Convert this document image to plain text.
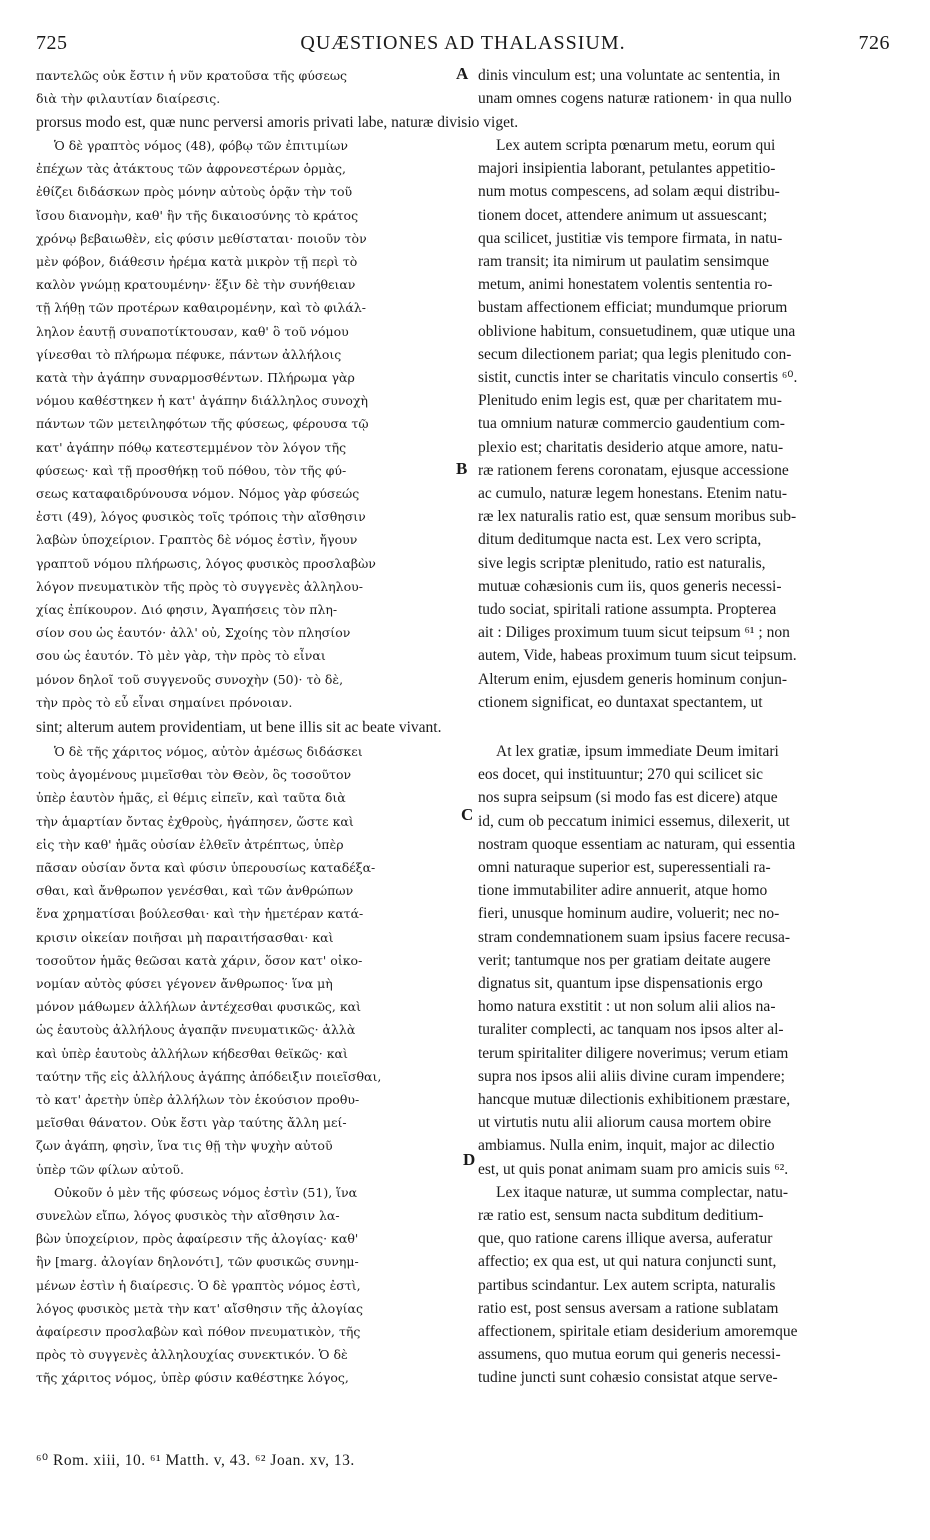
725	QUÆSTIONES AD THALASSIUM.	726
παντελῶς οὐκ ἔστιν ἡ νῦν κρατοῦσα τῆς φύσεως
διὰ τὴν φιλαυτίαν διαίρεσις.
dinis vinculum est; una voluntate ac sententia, in
unam omnes cogens naturæ rationem· in qua nullo
prorsus modo est, quæ nunc perversi amoris privati labe, naturæ divisio viget.
Ὁ δὲ γραπτὸς νόμος (48), φόβῳ τῶν ἐπιτιμίων
ἐπέχων τὰς ἀτάκτους τῶν ἀφρονεστέρων ὁρμὰς,
ἐθίζει διδάσκων πρὸς μόνην αὐτοὺς ὁρᾷν τὴν τοῦ
ἴσου διανομὴν, καθ' ἣν τῆς δικαιοσύνης τὸ κράτος
χρόνῳ βεβαιωθὲν, εἰς φύσιν μεθίσταται· ποιοῦν τὸν
μὲν φόβον, διάθεσιν ἠρέμα κατὰ μικρὸν τῇ περὶ τὸ
καλὸν γνώμῃ κρατουμένην· ἕξιν δὲ τὴν συνήθειαν
τῇ λήθῃ τῶν προτέρων καθαιρομένην, καὶ τὸ φιλάλ-
ληλον ἑαυτῇ συναποτίκτουσαν, καθ' ὃ τοῦ νόμου
γίνεσθαι τὸ πλήρωμα πέφυκε, πάντων ἀλλήλοις
κατὰ τὴν ἀγάπην συναρμοσθέντων. Πλήρωμα γὰρ
νόμου καθέστηκεν ἡ κατ' ἀγάπην διάλληλος συνοχὴ
πάντων τῶν μετειληφότων τῆς φύσεως, φέρουσα τῷ
κατ' ἀγάπην πόθῳ κατεστεμμένον τὸν λόγον τῆς
φύσεως· καὶ τῇ προσθήκῃ τοῦ πόθου, τὸν τῆς φύ-
σεως καταφαιδρύνουσα νόμον. Νόμος γὰρ φύσεώς
ἐστι (49), λόγος φυσικὸς τοῖς τρόποις τὴν αἴσθησιν
λαβὼν ὑποχείριον. Γραπτὸς δὲ νόμος ἐστὶν, ἤγουν
γραπτοῦ νόμου πλήρωσις, λόγος φυσικὸς προσλαβὼν
λόγον πνευματικὸν τῆς πρὸς τὸ συγγενὲς ἀλληλου-
χίας ἐπίκουρον. Διό φησιν, Ἀγαπήσεις τὸν πλη-
σίον σου ὡς ἑαυτόν· ἀλλ' οὐ, Σχοίης τὸν πλησίον
σου ὡς ἑαυτόν. Τὸ μὲν γὰρ, τὴν πρὸς τὸ εἶναι
μόνον δηλοῖ τοῦ συγγενοῦς συνοχὴν (50)· τὸ δὲ,
τὴν πρὸς τὸ εὖ εἶναι σημαίνει πρόνοιαν.
Lex autem scripta pœnarum metu, eorum qui
majori insipientia laborant, petulantes appetitio-
num motus compescens, ad solam æqui distribu-
tionem docet, attendere animum ut assuescant;
qua scilicet, justitiæ vis tempore firmata, in natu-
ram transit; ita nimirum ut paulatim sensimque
metum, animi honestatem volentis sententia ro-
bustam affectionem efficiat; mundumque priorum
oblivione habitum, consuetudinem, quæ utique una
secum dilectionem pariat; qua legis plenitudo con-
sistit, cunctis inter se charitatis vinculo consertis ⁶⁰.
Plenitudo enim legis est, quæ per charitatem mu-
tua omnium naturæ commercio gaudentium com-
plexio est; charitatis desiderio atque amore, natu-
ræ rationem ferens coronatam, ejusque accessione
ac cumulo, naturæ legem honestans. Etenim natu-
ræ lex naturalis ratio est, quæ sensum moribus sub-
ditum deditumque nacta est. Lex vero scripta,
sive legis scriptæ plenitudo, ratio est naturalis,
mutuæ cohæsionis cum iis, quos generis necessi-
tudo sociat, spiritali ratione assumpta. Propterea
ait : Diliges proximum tuum sicut teipsum ⁶¹ ; non
autem, Vide, habeas proximum tuum sicut teipsum.
Alterum enim, ejusdem generis hominum conjun-
ctionem significat, eo duntaxat spectantem, ut
sint; alterum autem providentiam, ut bene illis sit ac beate vivant.
Ὁ δὲ τῆς χάριτος νόμος, αὐτὸν ἀμέσως διδάσκει
τοὺς ἀγομένους μιμεῖσθαι τὸν Θεὸν, ὃς τοσοῦτον
ὑπὲρ ἑαυτὸν ἡμᾶς, εἰ θέμις εἰπεῖν, καὶ ταῦτα διὰ
τὴν ἁμαρτίαν ὄντας ἐχθροὺς, ἠγάπησεν, ὥστε καὶ
εἰς τὴν καθ' ἡμᾶς οὐσίαν ἐλθεῖν ἀτρέπτως, ὑπὲρ
πᾶσαν οὐσίαν ὄντα καὶ φύσιν ὑπερουσίως καταδέξα-
σθαι, καὶ ἄνθρωπον γενέσθαι, καὶ τῶν ἀνθρώπων
ἕνα χρηματίσαι βούλεσθαι· καὶ τὴν ἡμετέραν κατά-
κρισιν οἰκείαν ποιῆσαι μὴ παραιτήσασθαι· καὶ
τοσοῦτον ἡμᾶς θεῶσαι κατὰ χάριν, ὅσον κατ' οἰκο-
νομίαν αὐτὸς φύσει γέγονεν ἄνθρωπος· ἵνα μὴ
μόνον μάθωμεν ἀλλήλων ἀντέχεσθαι φυσικῶς, καὶ
ὡς ἑαυτοὺς ἀλλήλους ἀγαπᾷν πνευματικῶς· ἀλλὰ
καὶ ὑπὲρ ἑαυτοὺς ἀλλήλων κήδεσθαι θεϊκῶς· καὶ
ταύτην τῆς εἰς ἀλλήλους ἀγάπης ἀπόδειξιν ποιεῖσθαι,
τὸ κατ' ἀρετὴν ὑπὲρ ἀλλήλων τὸν ἑκούσιον προθυ-
μεῖσθαι θάνατον. Οὐκ ἔστι γὰρ ταύτης ἄλλη μεί-
ζων ἀγάπη, φησὶν, ἵνα τις θῇ τὴν ψυχὴν αὐτοῦ
ὑπὲρ τῶν φίλων αὐτοῦ.
Οὐκοῦν ὁ μὲν τῆς φύσεως νόμος ἐστὶν (51), ἵνα
συνελὼν εἴπω, λόγος φυσικὸς τὴν αἴσθησιν λα-
βὼν ὑποχείριον, πρὸς ἀφαίρεσιν τῆς ἀλογίας· καθ'
ἣν [marg. ἀλογίαν δηλονότι], τῶν φυσικῶς συνημ-
μένων ἐστὶν ἡ διαίρεσις. Ὁ δὲ γραπτὸς νόμος ἐστὶ,
λόγος φυσικὸς μετὰ τὴν κατ' αἴσθησιν τῆς ἀλογίας
ἀφαίρεσιν προσλαβὼν καὶ πόθον πνευματικὸν, τῆς
πρὸς τὸ συγγενὲς ἀλληλουχίας συνεκτικόν. Ὁ δὲ
τῆς χάριτος νόμος, ὑπὲρ φύσιν καθέστηκε λόγος,
At lex gratiæ, ipsum immediate Deum imitari
eos docet, qui instituuntur; 270 qui scilicet sic
nos supra seipsum (si modo fas est dicere) atque
id, cum ob peccatum inimici essemus, dilexerit, ut
nostram quoque essentiam ac naturam, qui essentia
omni naturaque superior est, superessentiali ra-
tione immutabiliter adire annuerit, atque homo
fieri, unusque hominum audire, voluerit; nec no-
stram condemnationem suam ipsius facere recusa-
verit; tantumque nos per gratiam deitate augere
dignatus sit, quantum ipse dispensationis ergo
homo natura exstitit : ut non solum alii alios na-
turaliter complecti, ac tanquam nos ipsos alter al-
terum spiritaliter diligere noverimus; verum etiam
supra nos ipsos alii aliis divine curam impendere;
hancque mutuæ dilectionis exhibitionem præstare,
ut virtutis nutu alii aliorum causa mortem obire
ambiamus. Nulla enim, inquit, major ac dilectio
est, ut quis ponat animam suam pro amicis suis ⁶².
Lex itaque naturæ, ut summa complectar, natu-
ræ ratio est, sensum nacta subditum deditium-
que, quo ratione carens illique aversa, auferatur
affectio; ex qua est, ut qui natura conjuncti sunt,
partibus scindantur. Lex autem scripta, naturalis
ratio est, post sensus aversam a ratione sublatam
affectionem, spiritale etiam desiderium amoremque
assumens, quo mutua eorum qui generis necessi-
tudine juncti sunt cohæsio consistat atque serve-
A
B
C
D
⁶⁰ Rom. xiii, 10. ⁶¹ Matth. v, 43. ⁶² Joan. xv, 13.
